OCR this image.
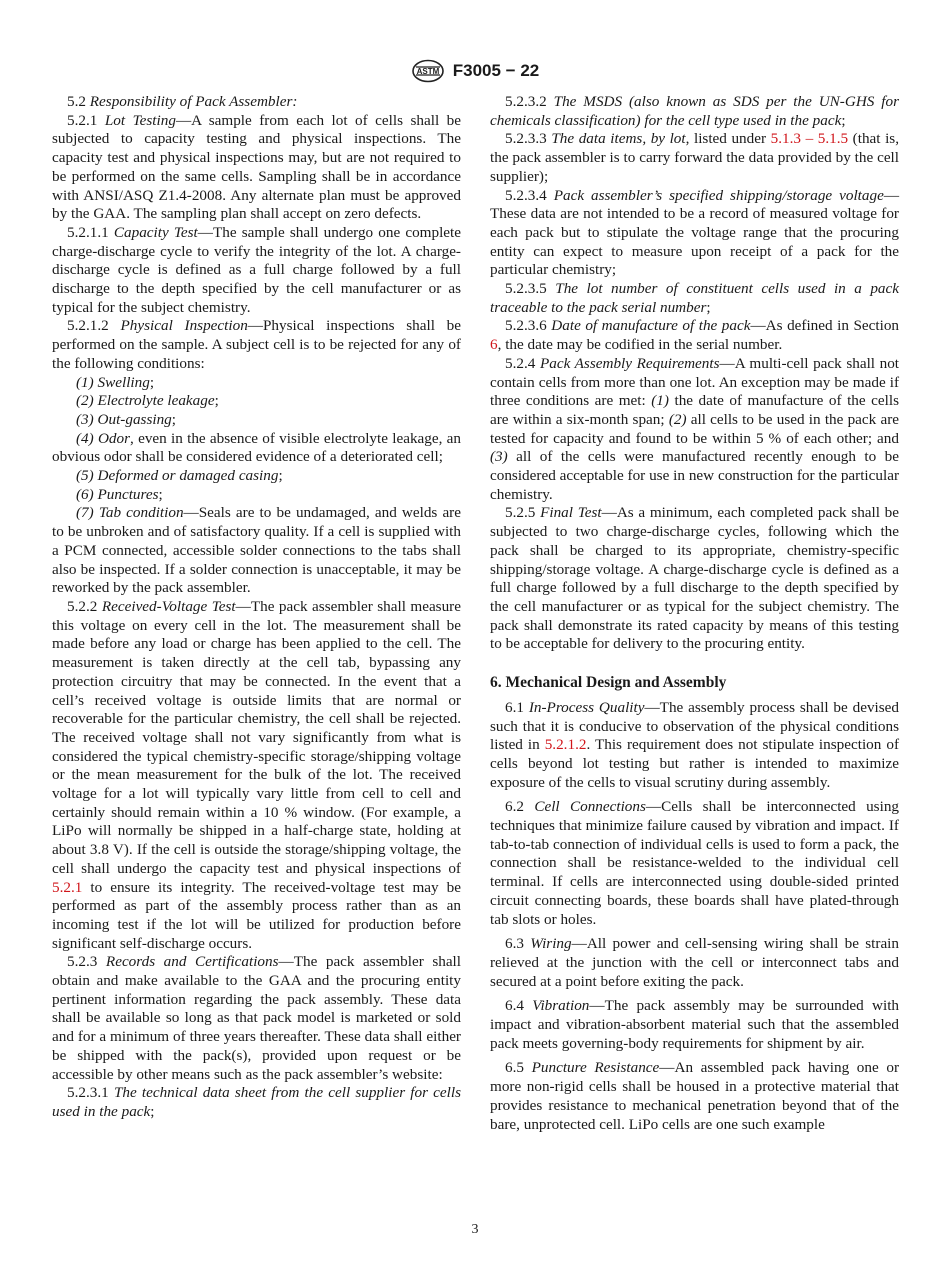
ASTM F3005 − 22

5.2 Responsibility of Pack Assembler:

5.2.1 Lot Testing—A sample from each lot of cells shall be subjected to capacity testing and physical inspections. The capacity test and physical inspections may, but are not required to be performed on the same cells. Sampling shall be in accordance with ANSI/ASQ Z1.4-2008. Any alternate plan must be approved by the GAA. The sampling plan shall accept on zero defects.

5.2.1.1 Capacity Test—The sample shall undergo one complete charge-discharge cycle to verify the integrity of the lot. A charge-discharge cycle is defined as a full charge followed by a full discharge to the depth specified by the cell manufacturer or as typical for the subject chemistry.

5.2.1.2 Physical Inspection—Physical inspections shall be performed on the sample. A subject cell is to be rejected for any of the following conditions:

(1) Swelling;

(2) Electrolyte leakage;

(3) Out-gassing;

(4) Odor, even in the absence of visible electrolyte leakage, an obvious odor shall be considered evidence of a deteriorated cell;

(5) Deformed or damaged casing;

(6) Punctures;

(7) Tab condition—Seals are to be undamaged, and welds are to be unbroken and of satisfactory quality. If a cell is supplied with a PCM connected, accessible solder connections to the tabs shall also be inspected. If a solder connection is unacceptable, it may be reworked by the pack assembler.

5.2.2 Received-Voltage Test—The pack assembler shall measure this voltage on every cell in the lot. The measurement shall be made before any load or charge has been applied to the cell. The measurement is taken directly at the cell tab, bypassing any protection circuitry that may be connected. In the event that a cell’s received voltage is outside limits that are normal or recoverable for the particular chemistry, the cell shall be rejected. The received voltage shall not vary significantly from what is considered the typical chemistry-specific storage/shipping voltage or the mean measurement for the bulk of the lot. The received voltage for a lot will typically vary little from cell to cell and certainly should remain within a 10 % window. (For example, a LiPo will normally be shipped in a half-charge state, holding at about 3.8 V). If the cell is outside the storage/shipping voltage, the cell shall undergo the capacity test and physical inspections of 5.2.1 to ensure its integrity. The received-voltage test may be performed as part of the assembly process rather than as an incoming test if the lot will be utilized for production before significant self-discharge occurs.

5.2.3 Records and Certifications—The pack assembler shall obtain and make available to the GAA and the procuring entity pertinent information regarding the pack assembly. These data shall be available so long as that pack model is marketed or sold and for a minimum of three years thereafter. These data shall either be shipped with the pack(s), provided upon request or be accessible by other means such as the pack assembler’s website:

5.2.3.1 The technical data sheet from the cell supplier for cells used in the pack;

5.2.3.2 The MSDS (also known as SDS per the UN-GHS for chemicals classification) for the cell type used in the pack;

5.2.3.3 The data items, by lot, listed under 5.1.3 – 5.1.5 (that is, the pack assembler is to carry forward the data provided by the cell supplier);

5.2.3.4 Pack assembler’s specified shipping/storage voltage—These data are not intended to be a record of measured voltage for each pack but to stipulate the voltage range that the procuring entity can expect to measure upon receipt of a pack for the particular chemistry;

5.2.3.5 The lot number of constituent cells used in a pack traceable to the pack serial number;

5.2.3.6 Date of manufacture of the pack—As defined in Section 6, the date may be codified in the serial number.

5.2.4 Pack Assembly Requirements—A multi-cell pack shall not contain cells from more than one lot. An exception may be made if three conditions are met: (1) the date of manufacture of the cells are within a six-month span; (2) all cells to be used in the pack are tested for capacity and found to be within 5 % of each other; and (3) all of the cells were manufactured recently enough to be considered acceptable for use in new construction for the particular chemistry.

5.2.5 Final Test—As a minimum, each completed pack shall be subjected to two charge-discharge cycles, following which the pack shall be charged to its appropriate, chemistry-specific shipping/storage voltage. A charge-discharge cycle is defined as a full charge followed by a full discharge to the depth specified by the cell manufacturer or as typical for the subject chemistry. The pack shall demonstrate its rated capacity by means of this testing to be acceptable for delivery to the procuring entity.

6. Mechanical Design and Assembly

6.1 In-Process Quality—The assembly process shall be devised such that it is conducive to observation of the physical conditions listed in 5.2.1.2. This requirement does not stipulate inspection of cells beyond lot testing but rather is intended to maximize exposure of the cells to visual scrutiny during assembly.

6.2 Cell Connections—Cells shall be interconnected using techniques that minimize failure caused by vibration and impact. If tab-to-tab connection of individual cells is used to form a pack, the connection shall be resistance-welded to the individual cell terminal. If cells are interconnected using double-sided printed circuit connecting boards, these boards shall have plated-through tab slots or holes.

6.3 Wiring—All power and cell-sensing wiring shall be strain relieved at the junction with the cell or interconnect tabs and secured at a point before exiting the pack.

6.4 Vibration—The pack assembly may be surrounded with impact and vibration-absorbent material such that the assembled pack meets governing-body requirements for shipment by air.

6.5 Puncture Resistance—An assembled pack having one or more non-rigid cells shall be housed in a protective material that provides resistance to mechanical penetration beyond that of the bare, unprotected cell. LiPo cells are one such example

3
